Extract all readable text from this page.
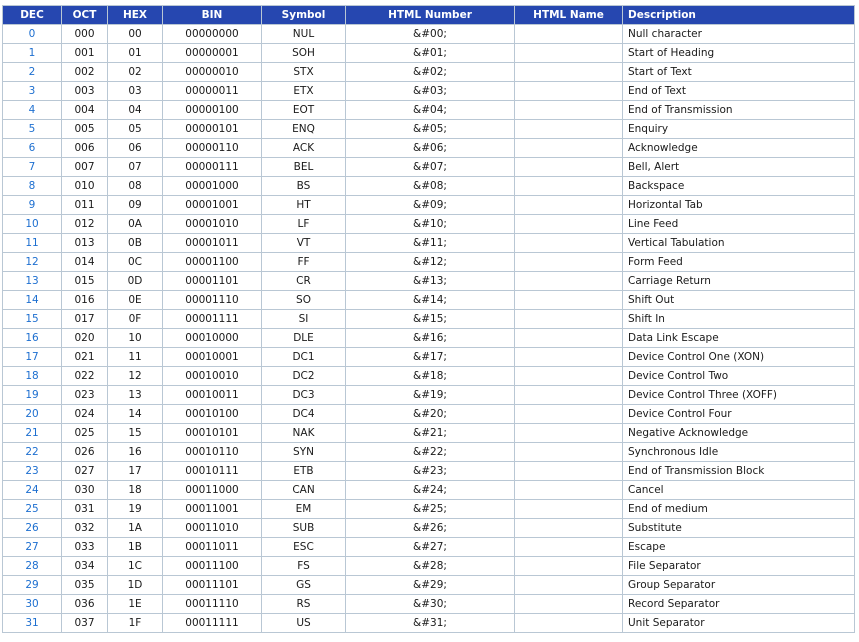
DEC	OCT	HEX	BIN	Symbol	HTML Number	HTML Name	Description
0	000	00	00000000	NUL	&#00;		Null character
1	001	01	00000001	SOH	&#01;		Start of Heading
2	002	02	00000010	STX	&#02;		Start of Text
3	003	03	00000011	ETX	&#03;		End of Text
4	004	04	00000100	EOT	&#04;		End of Transmission
5	005	05	00000101	ENQ	&#05;		Enquiry
6	006	06	00000110	ACK	&#06;		Acknowledge
7	007	07	00000111	BEL	&#07;		Bell, Alert
8	010	08	00001000	BS	&#08;		Backspace
9	011	09	00001001	HT	&#09;		Horizontal Tab
10	012	0A	00001010	LF	&#10;		Line Feed
11	013	0B	00001011	VT	&#11;		Vertical Tabulation
12	014	0C	00001100	FF	&#12;		Form Feed
13	015	0D	00001101	CR	&#13;		Carriage Return
14	016	0E	00001110	SO	&#14;		Shift Out
15	017	0F	00001111	SI	&#15;		Shift In
16	020	10	00010000	DLE	&#16;		Data Link Escape
17	021	11	00010001	DC1	&#17;		Device Control One (XON)
18	022	12	00010010	DC2	&#18;		Device Control Two
19	023	13	00010011	DC3	&#19;		Device Control Three (XOFF)
20	024	14	00010100	DC4	&#20;		Device Control Four
21	025	15	00010101	NAK	&#21;		Negative Acknowledge
22	026	16	00010110	SYN	&#22;		Synchronous Idle
23	027	17	00010111	ETB	&#23;		End of Transmission Block
24	030	18	00011000	CAN	&#24;		Cancel
25	031	19	00011001	EM	&#25;		End of medium
26	032	1A	00011010	SUB	&#26;		Substitute
27	033	1B	00011011	ESC	&#27;		Escape
28	034	1C	00011100	FS	&#28;		File Separator
29	035	1D	00011101	GS	&#29;		Group Separator
30	036	1E	00011110	RS	&#30;		Record Separator
31	037	1F	00011111	US	&#31;		Unit Separator
